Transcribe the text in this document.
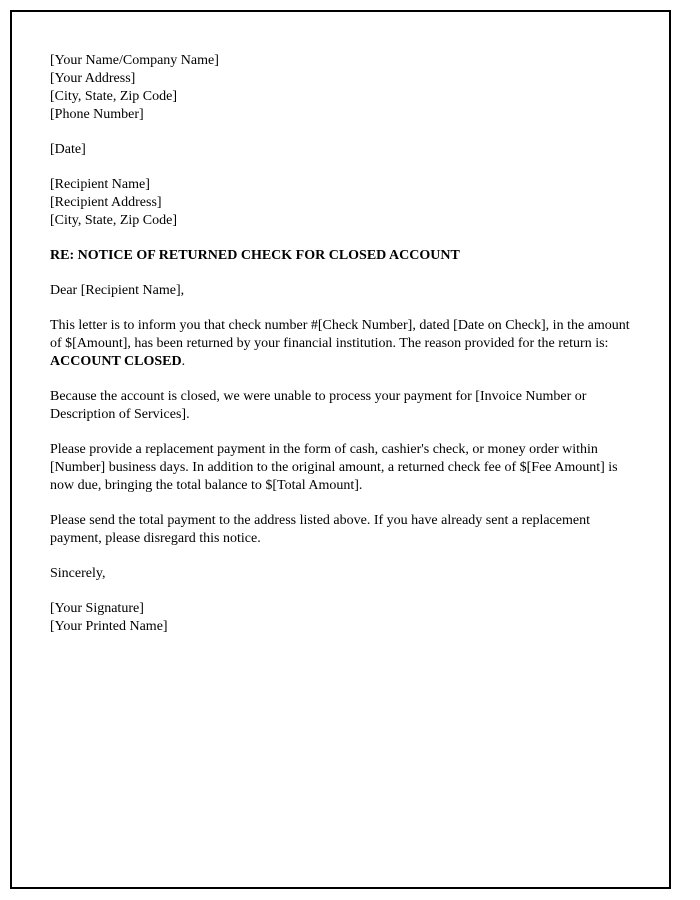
[Your Name/Company Name]
[Your Address]
[City, State, Zip Code]
[Phone Number]
[Date]
[Recipient Name]
[Recipient Address]
[City, State, Zip Code]
RE: NOTICE OF RETURNED CHECK FOR CLOSED ACCOUNT
Dear [Recipient Name],

This letter is to inform you that check number #[Check Number], dated [Date on Check], in the amount of $[Amount], has been returned by your financial institution. The reason provided for the return is: ACCOUNT CLOSED.

Because the account is closed, we were unable to process your payment for [Invoice Number or Description of Services].

Please provide a replacement payment in the form of cash, cashier's check, or money order within [Number] business days. In addition to the original amount, a returned check fee of $[Fee Amount] is now due, bringing the total balance to $[Total Amount].

Please send the total payment to the address listed above. If you have already sent a replacement payment, please disregard this notice.

Sincerely,
[Your Signature]
[Your Printed Name]
